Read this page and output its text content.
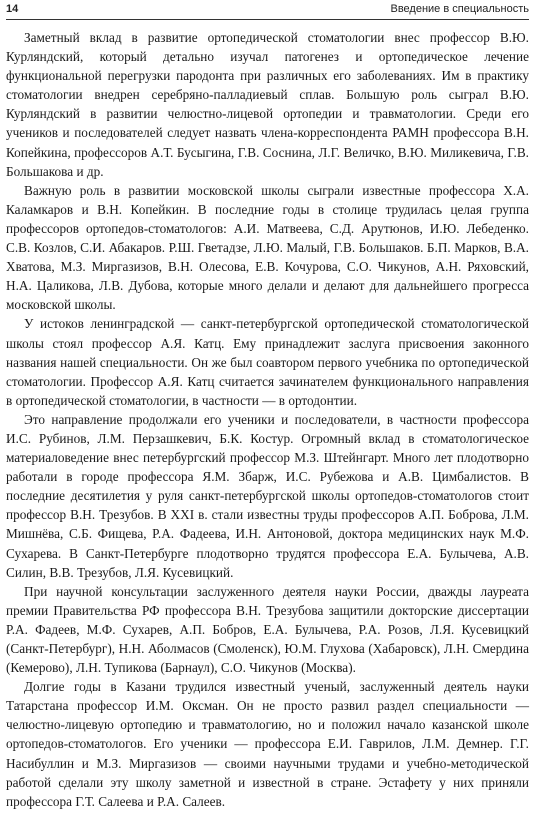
14	Введение в специальность

Заметный вклад в развитие ортопедической стоматологии внес профессор В.Ю. Курляндский, который детально изучал патогенез и ортопедическое лечение функциональной перегрузки пародонта при различных его заболеваниях. Им в практику стоматологии внедрен серебряно-палладиевый сплав. Большую роль сыграл В.Ю. Курляндский в развитии челюстно-лицевой ортопедии и травматологии. Среди его учеников и последователей следует назвать члена-корреспондента РАМН профессора В.Н. Копейкина, профессоров А.Т. Бусыгина, Г.В. Соснина, Л.Г. Величко, В.Ю. Миликевича, Г.В. Большакова и др.

Важную роль в развитии московской школы сыграли известные профессора Х.А. Каламкаров и В.Н. Копейкин. В последние годы в столице трудилась целая группа профессоров ортопедов-стоматологов: А.И. Матвеева, С.Д. Арутюнов, И.Ю. Лебеденко. С.В. Козлов, С.И. Абакаров. Р.Ш. Гветадзе, Л.Ю. Малый, Г.В. Большаков. Б.П. Марков, В.А. Хватова, М.З. Миргазизов, В.Н. Олесова, Е.В. Кочурова, С.О. Чикунов, А.Н. Ряховский, Н.А. Цаликова, Л.В. Дубова, которые много делали и делают для дальнейшего прогресса московской школы.

У истоков ленинградской — санкт-петербургской ортопедической стоматологической школы стоял профессор А.Я. Катц. Ему принадлежит заслуга присвоения законного названия нашей специальности. Он же был соавтором первого учебника по ортопедической стоматологии. Профессор А.Я. Катц считается зачинателем функционального направления в ортопедической стоматологии, в частности — в ортодонтии.

Это направление продолжали его ученики и последователи, в частности профессора И.С. Рубинов, Л.М. Перзашкевич, Б.К. Костур. Огромный вклад в стоматологическое материаловедение внес петербургский профессор М.З. Штейнгарт. Много лет плодотворно работали в городе профессора Я.М. Збарж, И.С. Рубежова и А.В. Цимбалистов. В последние десятилетия у руля санкт-петербургской школы ортопедов-стоматологов стоит профессор В.Н. Трезубов. В XXI в. стали известны труды профессоров А.П. Боброва, Л.М. Мишнёва, С.Б. Фищева, Р.А. Фадеева, И.Н. Антоновой, доктора медицинских наук М.Ф. Сухарева. В Санкт-Петербурге плодотворно трудятся профессора Е.А. Булычева, А.В. Силин, В.В. Трезубов, Л.Я. Кусевицкий.

При научной консультации заслуженного деятеля науки России, дважды лауреата премии Правительства РФ профессора В.Н. Трезубова защитили докторские диссертации Р.А. Фадеев, М.Ф. Сухарев, А.П. Бобров, Е.А. Булычева, Р.А. Розов, Л.Я. Кусевицкий (Санкт-Петербург), Н.Н. Аболмасов (Смоленск), Ю.М. Глухова (Хабаровск), Л.Н. Смердина (Кемерово), Л.Н. Тупикова (Барнаул), С.О. Чикунов (Москва).

Долгие годы в Казани трудился известный ученый, заслуженный деятель науки Татарстана профессор И.М. Оксман. Он не просто развил раздел специальности — челюстно-лицевую ортопедию и травматологию, но и положил начало казанской школе ортопедов-стоматологов. Его ученики — профессора Е.И. Гаврилов, Л.М. Демнер. Г.Г. Насибуллин и М.З. Миргазизов — своими научными трудами и учебно-методической работой сделали эту школу заметной и известной в стране. Эстафету у них приняли профессора Г.Т. Салеева и Р.А. Салеев.
